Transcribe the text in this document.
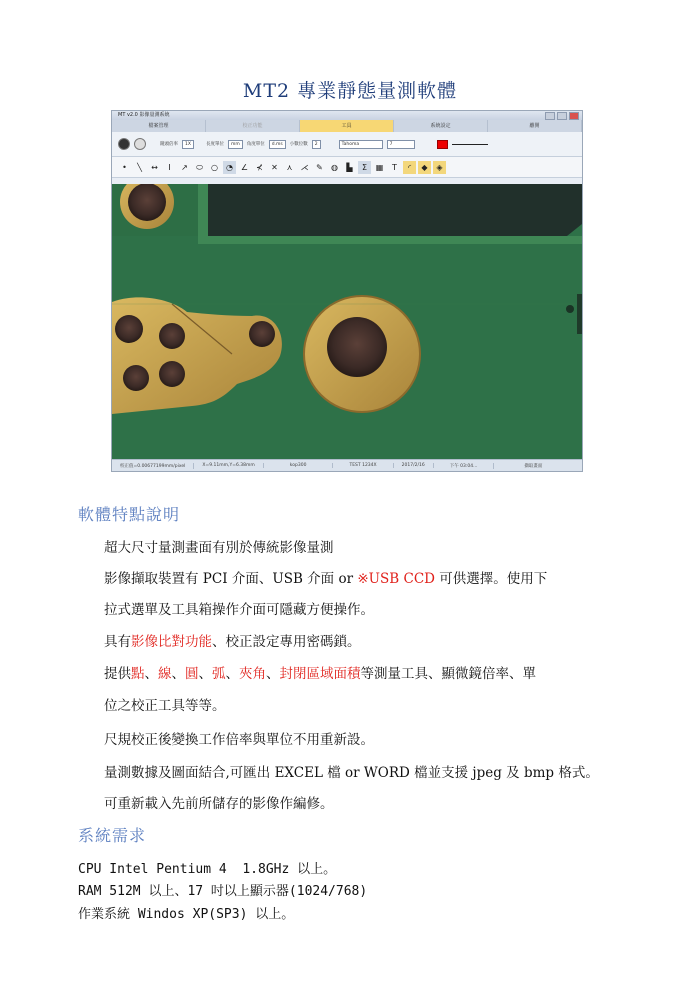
MT2 專業靜態量測軟體
MT v2.0 影像量測系統
檔案管理	校正功能	工具	系統設定	離開
鏡頭倍率	1X	長度單位	mm	角度單位	d.ms	小數位數	2	Tahoma	7
•	╲	↔	I	↗	⬭	○	◔ ∠	⊀	✕	⋏	⋌ ✎	◍	▙	Σ	▦	T	◜	◆	◈
校正值=0.00677199mm/pixel	X=9.11mm,Y=6.38mm	kop300	TEST 1234X	2017/2/16	下午 03:04...	擷取畫面
軟體特點說明
超大尺寸量測畫面有別於傳統影像量測
影像擷取裝置有 PCI 介面、USB 介面 or ※USB CCD 可供選擇。使用下
拉式選單及工具箱操作介面可隱藏方便操作。
具有影像比對功能、校正設定專用密碼鎖。
提供點、線、圓、弧、夾角、封閉區域面積等測量工具、顯微鏡倍率、單
位之校正工具等等。
尺規校正後變換工作倍率與單位不用重新設。
量測數據及圖面結合,可匯出 EXCEL 檔 or WORD 檔並支援 jpeg 及 bmp 格式。
可重新載入先前所儲存的影像作編修。
系統需求
CPU Intel Pentium 4  1.8GHz 以上。
RAM 512M 以上、17 吋以上顯示器(1024/768)
作業系統 Windos XP(SP3) 以上。
